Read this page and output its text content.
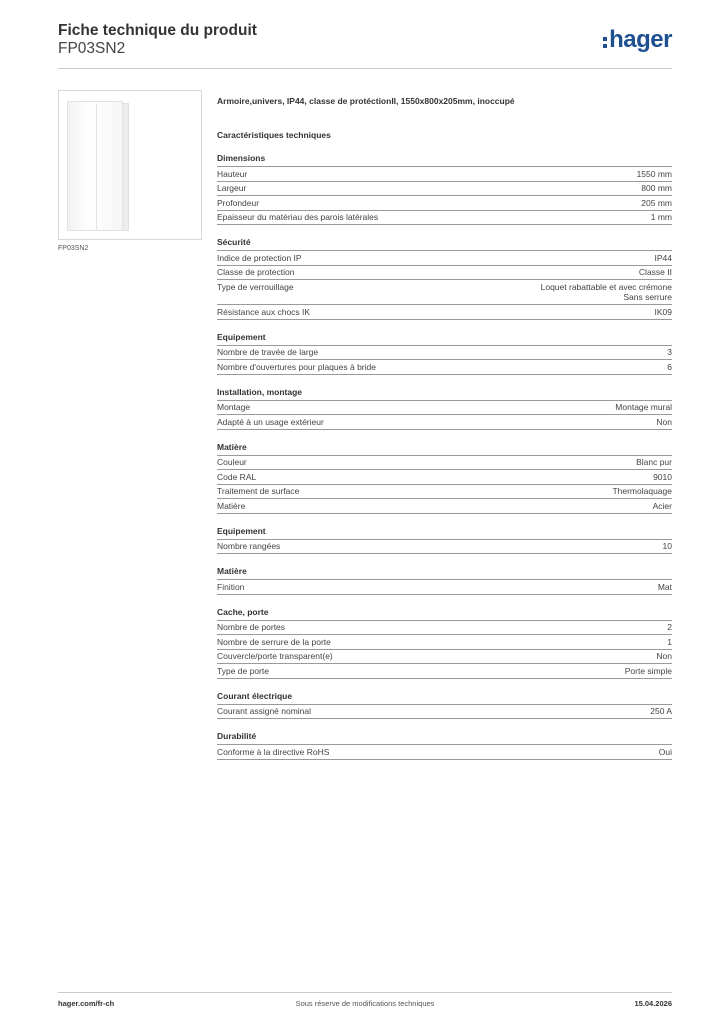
Fiche technique du produit
FP03SN2	hager
FP03SN2
Armoire,univers, IP44, classe de protéctionII, 1550x800x205mm, inoccupé
Caractéristiques techniques
Dimensions
Hauteur	1550 mm
Largeur	800 mm
Profondeur	205 mm
Epaisseur du matériau des parois latérales	1 mm
Sécurité
Indice de protection IP	IP44
Classe de protection	Classe II
Type de verrouillage	Loquet rabattable et avec crémone
Sans serrure
Résistance aux chocs IK	IK09
Equipement
Nombre de travée de large	3
Nombre d'ouvertures pour plaques à bride	6
Installation, montage
Montage	Montage mural
Adapté à un usage extérieur	Non
Matière
Couleur	Blanc pur
Code RAL	9010
Traitement de surface	Thermolaquage
Matière	Acier
Equipement
Nombre rangées	10
Matière
Finition	Mat
Cache, porte
Nombre de portes	2
Nombre de serrure de la porte	1
Couvercle/porte transparent(e)	Non
Type de porte	Porte simple
Courant électrique
Courant assigné nominal	250 A
Durabilité
Conforme à la directive RoHS	Oui
hager.com/fr-ch	Sous réserve de modifications techniques	15.04.2026
